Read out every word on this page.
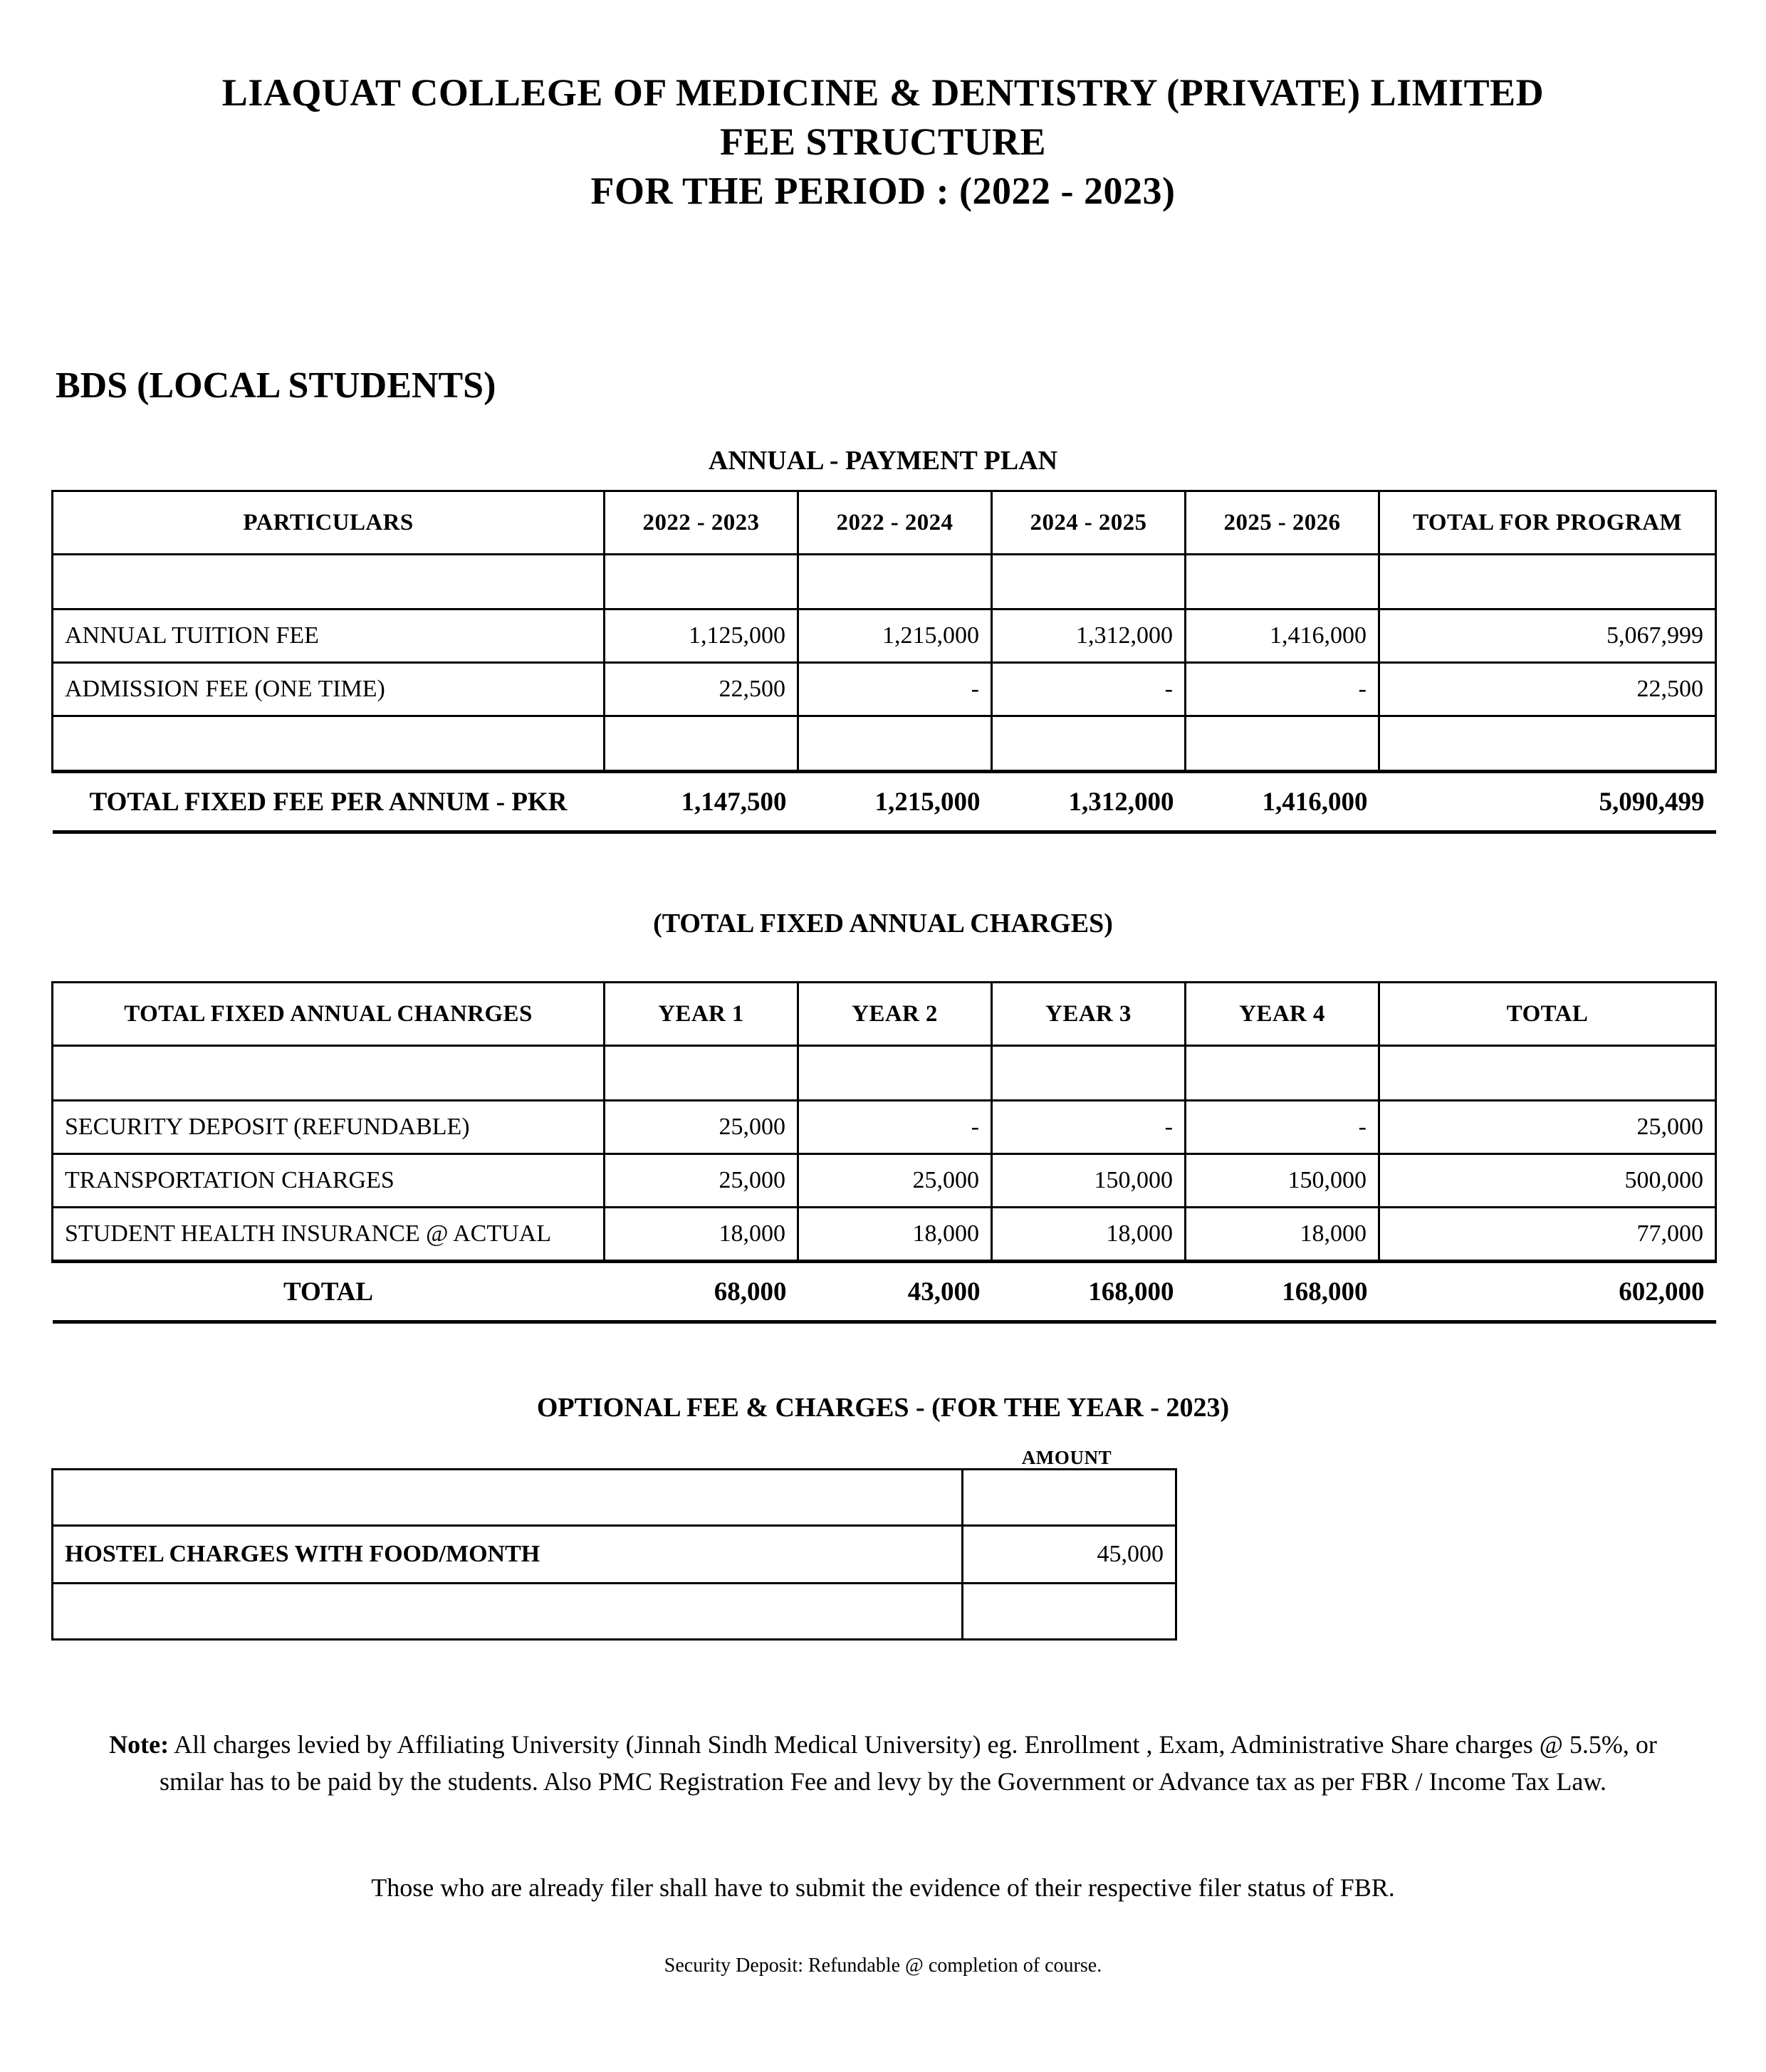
LIAQUAT COLLEGE OF MEDICINE & DENTISTRY (PRIVATE) LIMITED
FEE STRUCTURE
FOR THE PERIOD : (2022 - 2023)
BDS (LOCAL STUDENTS)
ANNUAL - PAYMENT PLAN
PARTICULARS	2022 - 2023	2022 - 2024	2024 - 2025	2025 - 2026	TOTAL FOR PROGRAM

ANNUAL TUITION FEE	1,125,000	1,215,000	1,312,000	1,416,000	5,067,999
ADMISSION FEE (ONE TIME)	22,500	-	-	-	22,500

TOTAL FIXED FEE PER ANNUM - PKR	1,147,500	1,215,000	1,312,000	1,416,000	5,090,499
(TOTAL FIXED ANNUAL CHARGES)
TOTAL FIXED ANNUAL CHANRGES	YEAR 1	YEAR 2	YEAR 3	YEAR 4	TOTAL

SECURITY DEPOSIT (REFUNDABLE)	25,000	-	-	-	25,000
TRANSPORTATION CHARGES	25,000	25,000	150,000	150,000	500,000
STUDENT HEALTH INSURANCE @ ACTUAL	18,000	18,000	18,000	18,000	77,000
TOTAL	68,000	43,000	168,000	168,000	602,000
OPTIONAL FEE & CHARGES - (FOR THE YEAR - 2023)
AMOUNT

HOSTEL CHARGES WITH FOOD/MONTH	45,000

Note: All charges levied by Affiliating University (Jinnah Sindh Medical University) eg. Enrollment , Exam, Administrative Share charges @ 5.5%, or smilar has to be paid by the students. Also PMC Registration Fee and levy by the Government or Advance tax as per FBR / Income Tax Law.
Those who are already filer shall have to submit the evidence of their respective filer status of FBR.
Security Deposit: Refundable @ completion of course.
